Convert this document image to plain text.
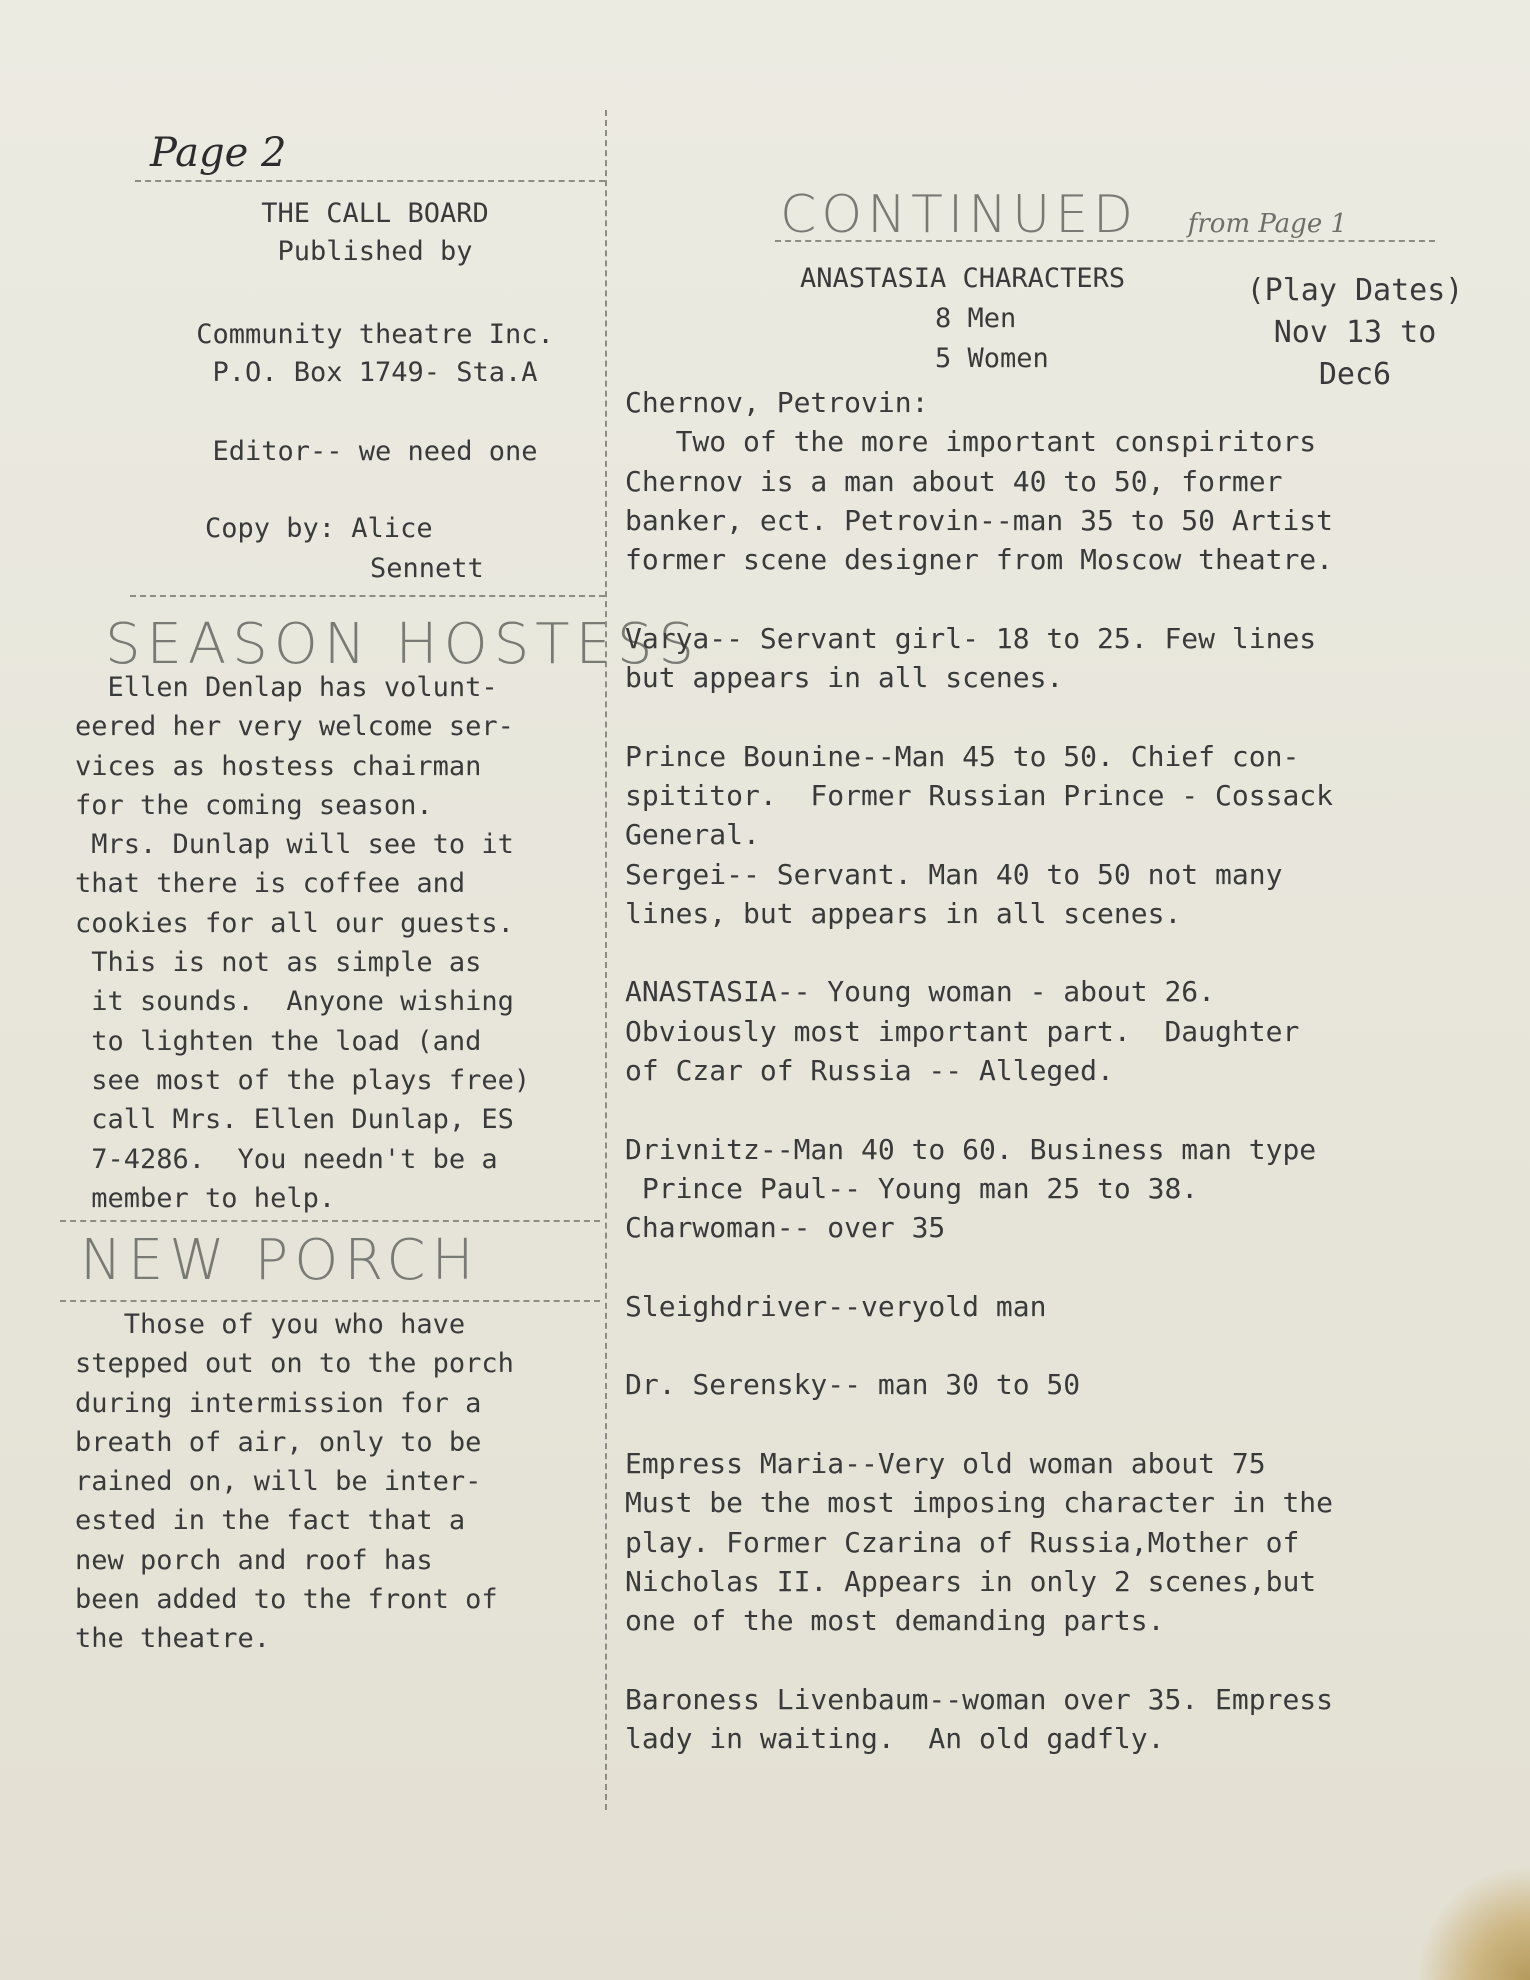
Page 2
THE CALL BOARD
Published by
Community theatre Inc.
P.O. Box 1749- Sta.A
Editor-- we need one
Copy by: Alice
Sennett
SEASON HOSTESS
Ellen Denlap has volunt-
eered her very welcome ser-
vices as hostess chairman
for the coming season.
Mrs. Dunlap will see to it
that there is coffee and
cookies for all our guests.
This is not as simple as
it sounds.  Anyone wishing
to lighten the load (and
see most of the plays free)
call Mrs. Ellen Dunlap, ES
7-4286.  You needn't be a
member to help.
NEW PORCH
Those of you who have
stepped out on to the porch
during intermission for a
breath of air, only to be
rained on, will be inter-
ested in the fact that a
new porch and roof has
been added to the front of
the theatre.
CONTINUED from Page 1
ANASTASIA CHARACTERS
8 Men
5 Women
(Play Dates)
Nov 13 to
Dec6
Chernov, Petrovin:
Two of the more important conspiritors
Chernov is a man about 40 to 50, former
banker, ect. Petrovin--man 35 to 50 Artist
former scene designer from Moscow theatre.
Varya-- Servant girl- 18 to 25. Few lines
but appears in all scenes.
Prince Bounine--Man 45 to 50. Chief con-
spititor.  Former Russian Prince - Cossack
General.
Sergei-- Servant. Man 40 to 50 not many
lines, but appears in all scenes.
ANASTASIA-- Young woman - about 26.
Obviously most important part.  Daughter
of Czar of Russia -- Alleged.
Drivnitz--Man 40 to 60. Business man type
Prince Paul-- Young man 25 to 38.
Charwoman-- over 35
Sleighdriver--veryold man
Dr. Serensky-- man 30 to 50
Empress Maria--Very old woman about 75
Must be the most imposing character in the
play. Former Czarina of Russia,Mother of
Nicholas II. Appears in only 2 scenes,but
one of the most demanding parts.
Baroness Livenbaum--woman over 35. Empress
lady in waiting.  An old gadfly.
